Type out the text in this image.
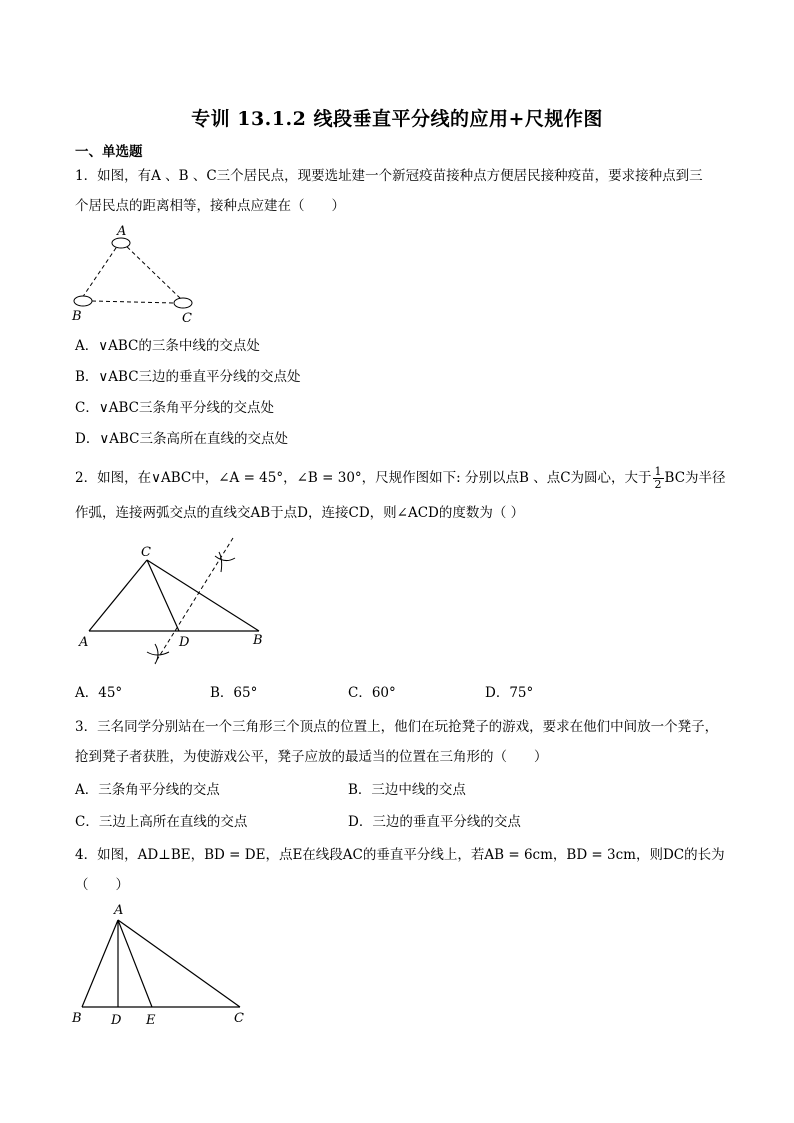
专训 13.1.2 线段垂直平分线的应用+尺规作图
一、单选题
1．如图，有A 、B 、C三个居民点，现要选址建一个新冠疫苗接种点方便居民接种疫苗，要求接种点到三
个居民点的距离相等，接种点应建在（　　）
A
B	C
A．∨ABC的三条中线的交点处
B．∨ABC三边的垂直平分线的交点处
C．∨ABC三条角平分线的交点处
D．∨ABC三条高所在直线的交点处
2．如图，在∨ABC中，∠A = 45°，∠B = 30°，尺规作图如下: 分别以点B 、点C为圆心，大于 $\frac{1}{2}$ BC为半径
作弧，连接两弧交点的直线交AB于点D，连接CD，则∠ACD的度数为（ ）
C
A	D	B
A．45°	B．65°	C．60°	D．75°
3．三名同学分别站在一个三角形三个顶点的位置上，他们在玩抢凳子的游戏，要求在他们中间放一个凳子，
抢到凳子者获胜，为使游戏公平，凳子应放的最适当的位置在三角形的（　　）
A．三条角平分线的交点	B．三边中线的交点
C．三边上高所在直线的交点	D．三边的垂直平分线的交点
4．如图，AD⊥BE，BD = DE，点E在线段AC的垂直平分线上，若AB = 6cm，BD = 3cm，则DC的长为
（　　）
A
B D E	C
